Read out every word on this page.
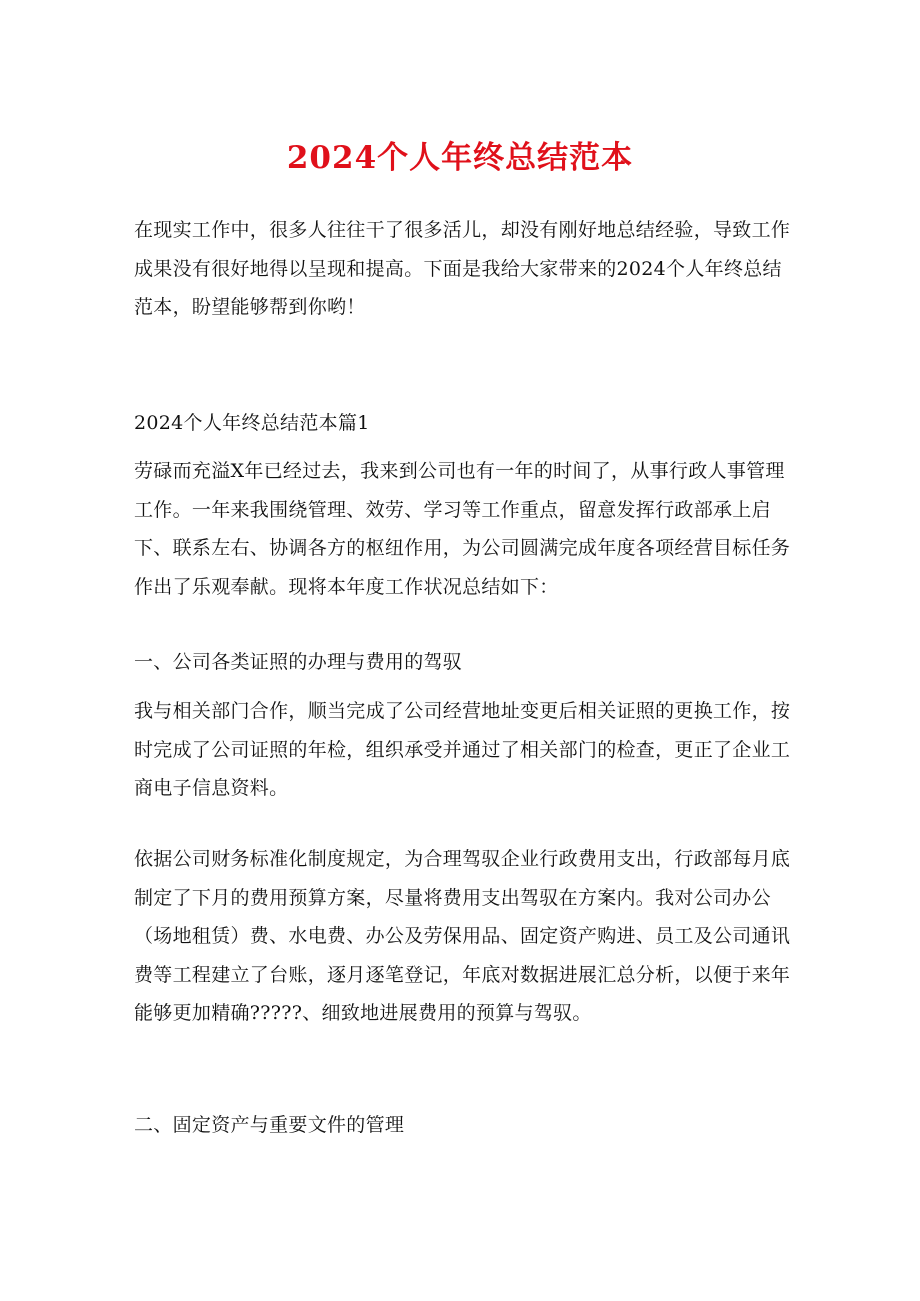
2024个人年终总结范本

在现实工作中，很多人往往干了很多活儿，却没有刚好地总结经验，导致工作成果没有很好地得以呈现和提高。下面是我给大家带来的2024个人年终总结范本，盼望能够帮到你哟！

2024个人年终总结范本篇1

劳碌而充溢X年已经过去，我来到公司也有一年的时间了，从事行政人事管理工作。一年来我围绕管理、效劳、学习等工作重点，留意发挥行政部承上启下、联系左右、协调各方的枢纽作用，为公司圆满完成年度各项经营目标任务作出了乐观奉献。现将本年度工作状况总结如下：

一、公司各类证照的办理与费用的驾驭

我与相关部门合作，顺当完成了公司经营地址变更后相关证照的更换工作，按时完成了公司证照的年检，组织承受并通过了相关部门的检查，更正了企业工商电子信息资料。

依据公司财务标准化制度规定，为合理驾驭企业行政费用支出，行政部每月底制定了下月的费用预算方案，尽量将费用支出驾驭在方案内。我对公司办公（场地租赁）费、水电费、办公及劳保用品、固定资产购进、员工及公司通讯费等工程建立了台账，逐月逐笔登记，年底对数据进展汇总分析，以便于来年能够更加精确?????、细致地进展费用的预算与驾驭。

二、固定资产与重要文件的管理
